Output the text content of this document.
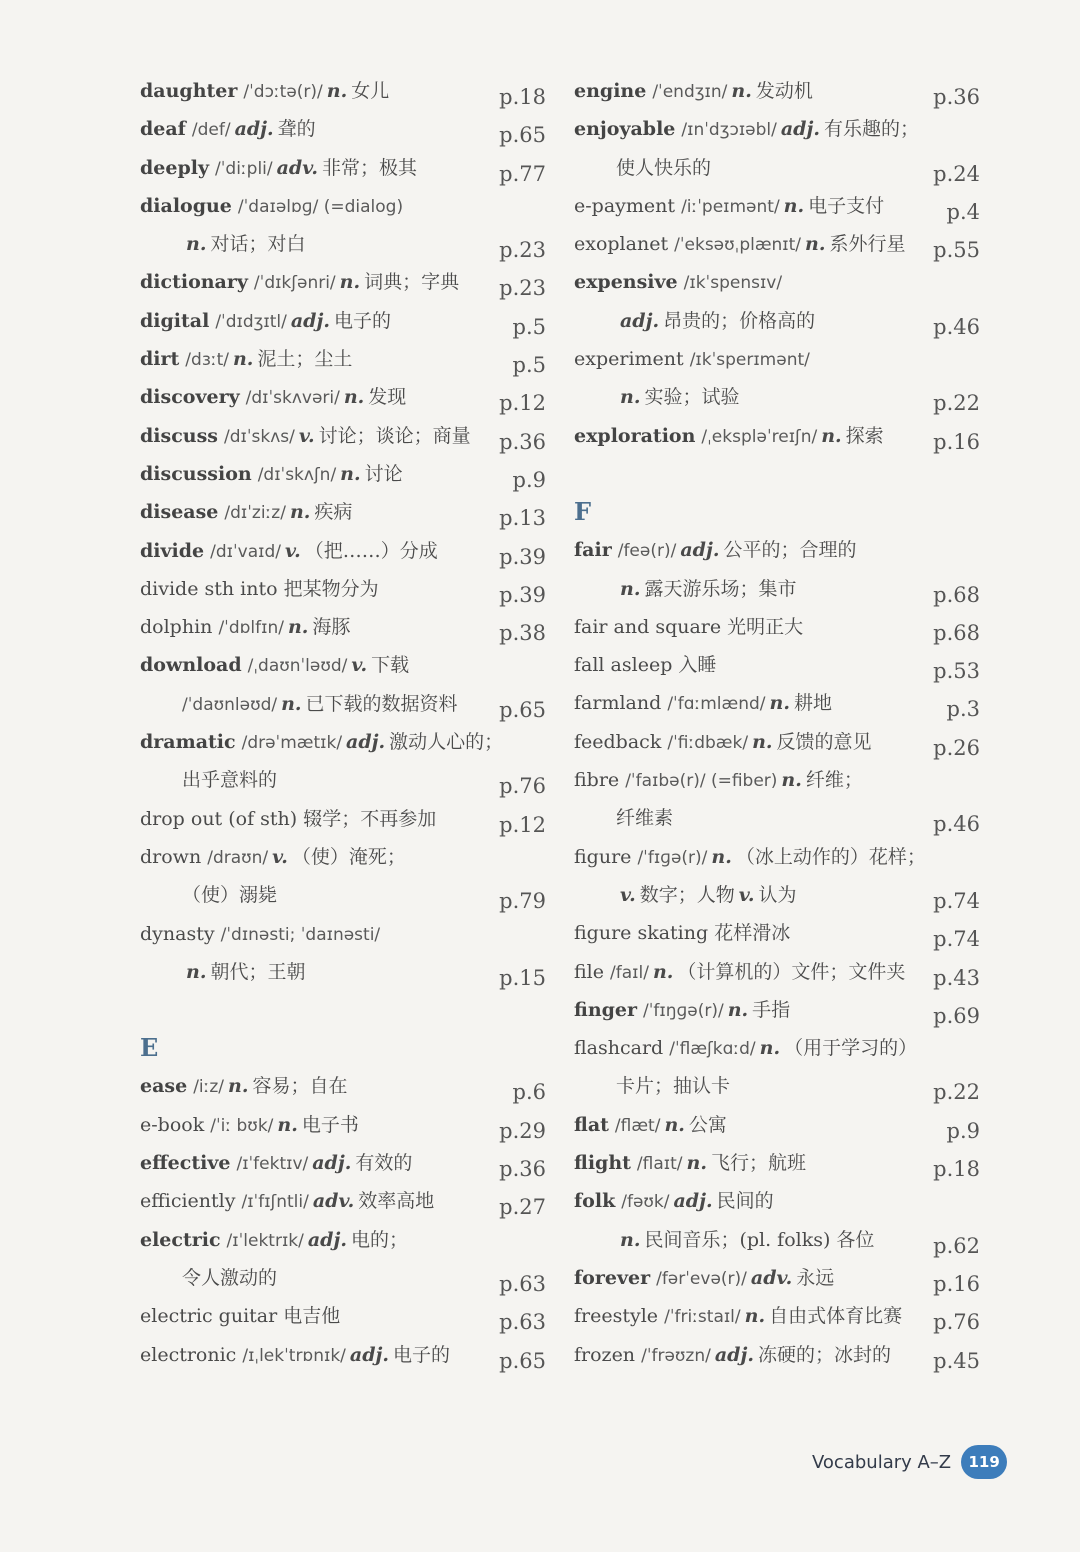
daughter /ˈdɔːtə(r)/ n. 女儿	p.18
deaf /def/ adj. 聋的	p.65
deeply /ˈdiːpli/ adv. 非常；极其	p.77
dialogue /ˈdaɪəlɒɡ/ (=dialog)
n. 对话；对白	p.23
dictionary /ˈdɪkʃənri/ n. 词典；字典 p.23
digital /ˈdɪdʒɪtl/ adj. 电子的	p.5
dirt /dɜːt/ n. 泥土；尘土	p.5
discovery /dɪˈskʌvəri/ n. 发现	p.12
discuss /dɪˈskʌs/ v. 讨论；谈论；商量 p.36
discussion /dɪˈskʌʃn/ n. 讨论	p.9
disease /dɪˈziːz/ n. 疾病	p.13
divide /dɪˈvaɪd/ v. （把……）分成	p.39
divide sth into 把某物分为	p.39
dolphin /ˈdɒlfɪn/ n. 海豚	p.38
download /ˌdaʊnˈləʊd/ v. 下载
/ˈdaʊnləʊd/ n. 已下载的数据资料 p.65
dramatic /drəˈmætɪk/ adj. 激动人心的；
出乎意料的	p.76
drop out (of sth) 辍学；不再参加	p.12
drown /draʊn/ v. （使）淹死；
（使）溺毙	p.79
dynasty /ˈdɪnəsti; ˈdaɪnəsti/
n. 朝代；王朝	p.15
E
ease /iːz/ n. 容易；自在	p.6
e-book /ˈiː bʊk/ n. 电子书	p.29
effective /ɪˈfektɪv/ adj. 有效的	p.36
efficiently /ɪˈfɪʃntli/ adv. 效率高地	p.27
electric /ɪˈlektrɪk/ adj. 电的；
令人激动的	p.63
electric guitar 电吉他	p.63
electronic /ɪˌlekˈtrɒnɪk/ adj. 电子的 p.65
engine /ˈendʒɪn/ n. 发动机	p.36
enjoyable /ɪnˈdʒɔɪəbl/ adj. 有乐趣的；
使人快乐的	p.24
e-payment /iːˈpeɪmənt/ n. 电子支付	p.4
exoplanet /ˈeksəʊˌplænɪt/ n. 系外行星 p.55
expensive /ɪkˈspensɪv/
adj. 昂贵的；价格高的	p.46
experiment /ɪkˈsperɪmənt/
n. 实验；试验	p.22
exploration /ˌekspləˈreɪʃn/ n. 探索 p.16
F
fair /feə(r)/ adj. 公平的；合理的
n. 露天游乐场；集市	p.68
fair and square 光明正大	p.68
fall asleep 入睡	p.53
farmland /ˈfɑːmlænd/ n. 耕地	p.3
feedback /ˈfiːdbæk/ n. 反馈的意见	p.26
fibre /ˈfaɪbə(r)/ (=fiber) n. 纤维；
纤维素	p.46
figure /ˈfɪɡə(r)/ n. （冰上动作的）花样；
v. 数字；人物 v. 认为	p.74
figure skating 花样滑冰	p.74
file /faɪl/ n. （计算机的）文件；文件夹 p.43
finger /ˈfɪŋɡə(r)/ n. 手指	p.69
flashcard /ˈflæʃkɑːd/ n. （用于学习的）
卡片；抽认卡	p.22
flat /flæt/ n. 公寓	p.9
flight /flaɪt/ n. 飞行；航班	p.18
folk /fəʊk/ adj. 民间的
n. 民间音乐；(pl. folks) 各位	p.62
forever /fərˈevə(r)/ adv. 永远	p.16
freestyle /ˈfriːstaɪl/ n. 自由式体育比赛 p.76
frozen /ˈfrəʊzn/ adj. 冻硬的；冰封的 p.45
Vocabulary A–Z	119
